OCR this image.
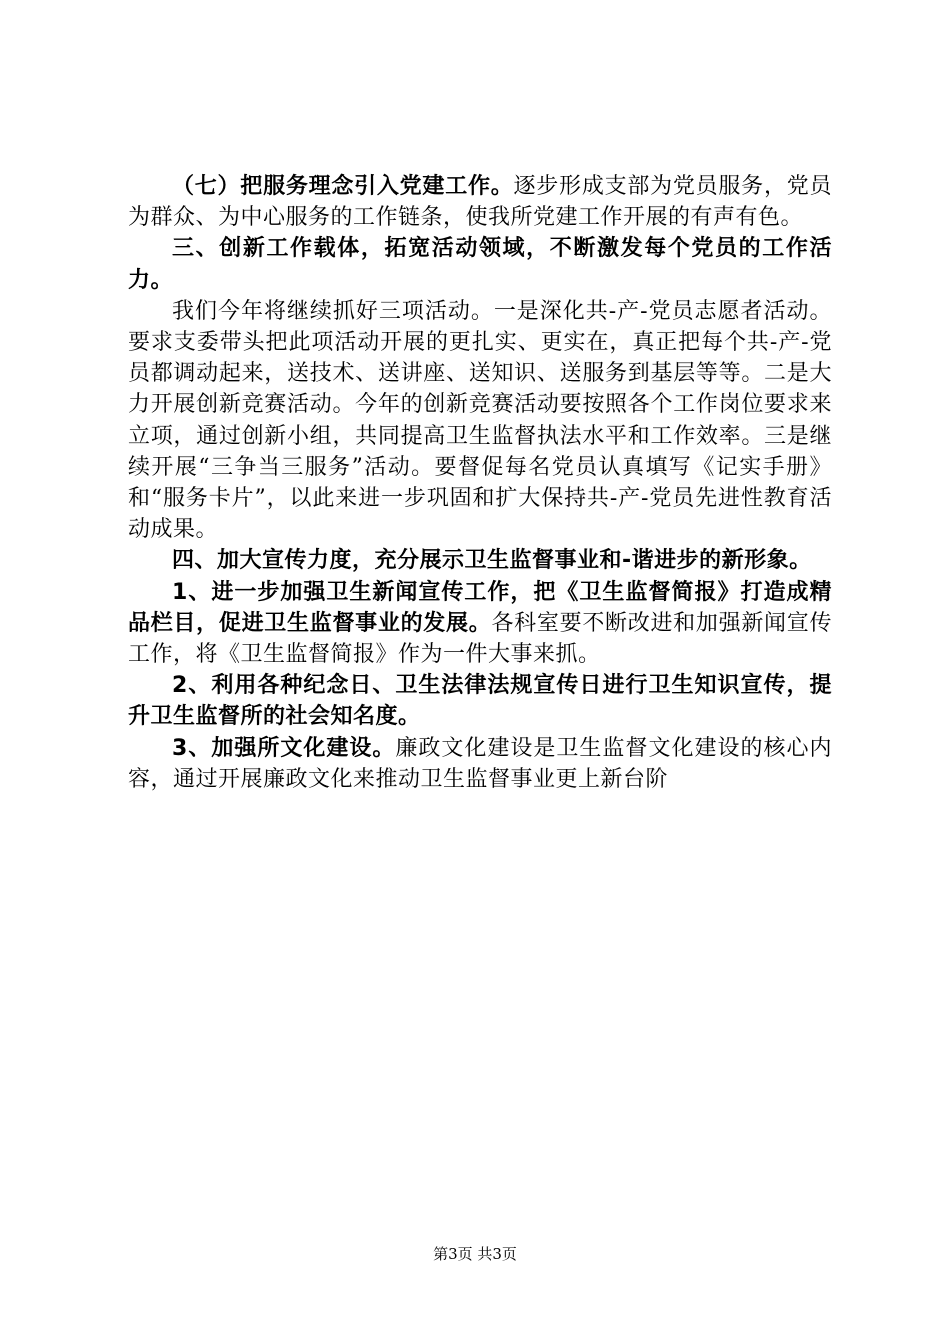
（七）把服务理念引入党建工作。逐步形成支部为党员服务，党员为群众、为中心服务的工作链条，使我所党建工作开展的有声有色。

三、创新工作载体，拓宽活动领域，不断激发每个党员的工作活力。

我们今年将继续抓好三项活动。一是深化共-产-党员志愿者活动。要求支委带头把此项活动开展的更扎实、更实在，真正把每个共-产-党员都调动起来，送技术、送讲座、送知识、送服务到基层等等。二是大力开展创新竞赛活动。今年的创新竞赛活动要按照各个工作岗位要求来立项，通过创新小组，共同提高卫生监督执法水平和工作效率。三是继续开展“三争当三服务”活动。要督促每名党员认真填写《记实手册》和“服务卡片”，以此来进一步巩固和扩大保持共-产-党员先进性教育活动成果。

四、加大宣传力度，充分展示卫生监督事业和-谐进步的新形象。

1、进一步加强卫生新闻宣传工作，把《卫生监督简报》打造成精品栏目，促进卫生监督事业的发展。各科室要不断改进和加强新闻宣传工作，将《卫生监督简报》作为一件大事来抓。

2、利用各种纪念日、卫生法律法规宣传日进行卫生知识宣传，提升卫生监督所的社会知名度。

3、加强所文化建设。廉政文化建设是卫生监督文化建设的核心内容，通过开展廉政文化来推动卫生监督事业更上新台阶

第3页 共3页
